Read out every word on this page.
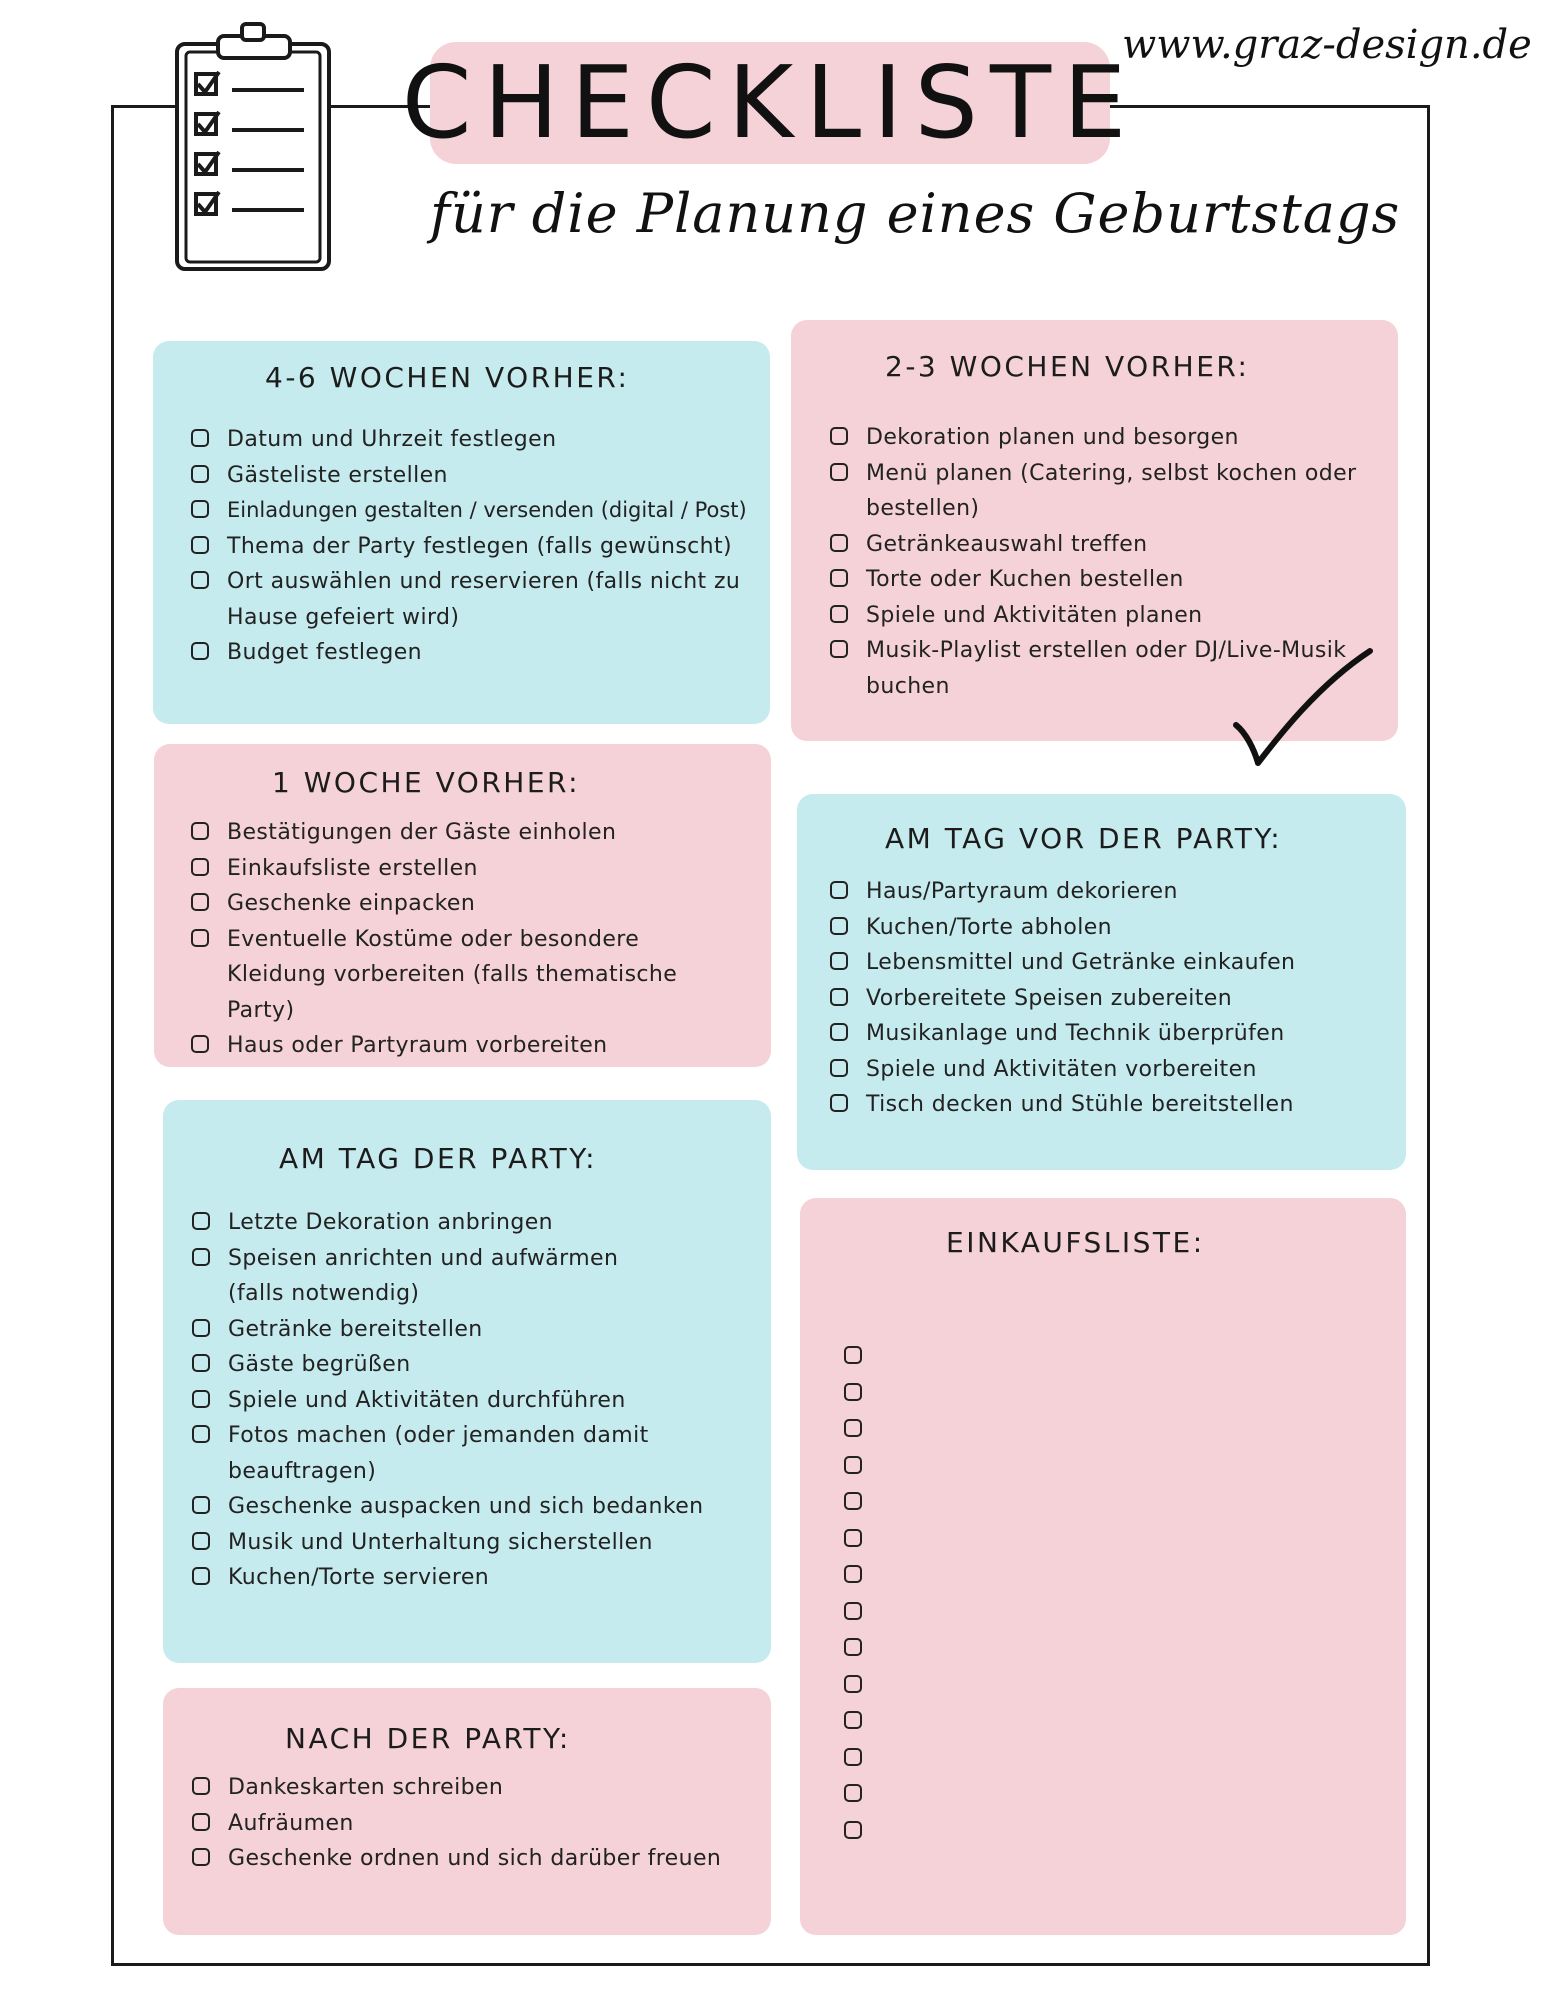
CHECKLISTE
für die Planung eines Geburtstags
www.graz-design.de
4-6 WOCHEN VORHER:
Datum und Uhrzeit festlegen
Gästeliste erstellen
Einladungen gestalten / versenden (digital / Post)
Thema der Party festlegen (falls gewünscht)
Ort auswählen und reservieren (falls nicht zu Hause gefeiert wird)
Budget festlegen
2-3 WOCHEN VORHER:
Dekoration planen und besorgen
Menü planen (Catering, selbst kochen oder bestellen)
Getränkeauswahl treffen
Torte oder Kuchen bestellen
Spiele und Aktivitäten planen
Musik-Playlist erstellen oder DJ/Live-Musik buchen
1 WOCHE VORHER:
Bestätigungen der Gäste einholen
Einkaufsliste erstellen
Geschenke einpacken
Eventuelle Kostüme oder besondere Kleidung vorbereiten (falls thematische Party)
Haus oder Partyraum vorbereiten
AM TAG VOR DER PARTY:
Haus/Partyraum dekorieren
Kuchen/Torte abholen
Lebensmittel und Getränke einkaufen
Vorbereitete Speisen zubereiten
Musikanlage und Technik überprüfen
Spiele und Aktivitäten vorbereiten
Tisch decken und Stühle bereitstellen
AM TAG DER PARTY:
Letzte Dekoration anbringen
Speisen anrichten und aufwärmen (falls notwendig)
Getränke bereitstellen
Gäste begrüßen
Spiele und Aktivitäten durchführen
Fotos machen (oder jemanden damit beauftragen)
Geschenke auspacken und sich bedanken
Musik und Unterhaltung sicherstellen
Kuchen/Torte servieren
NACH DER PARTY:
Dankeskarten schreiben
Aufräumen
Geschenke ordnen und sich darüber freuen
EINKAUFSLISTE:
